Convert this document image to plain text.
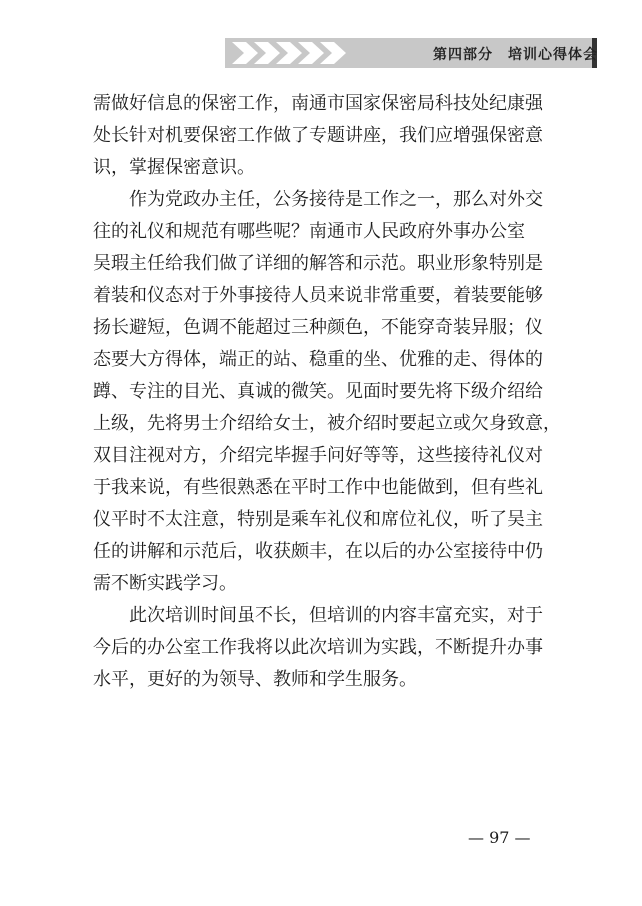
第四部分　培训心得体会

需做好信息的保密工作，南通市国家保密局科技处纪康强
处长针对机要保密工作做了专题讲座，我们应增强保密意
识，掌握保密意识。

作为党政办主任，公务接待是工作之一，那么对外交
往的礼仪和规范有哪些呢？南通市人民政府外事办公室
吴瑕主任给我们做了详细的解答和示范。职业形象特别是
着装和仪态对于外事接待人员来说非常重要，着装要能够
扬长避短，色调不能超过三种颜色，不能穿奇装异服；仪
态要大方得体，端正的站、稳重的坐、优雅的走、得体的
蹲、专注的目光、真诚的微笑。见面时要先将下级介绍给
上级，先将男士介绍给女士，被介绍时要起立或欠身致意，
双目注视对方，介绍完毕握手问好等等，这些接待礼仪对
于我来说，有些很熟悉在平时工作中也能做到，但有些礼
仪平时不太注意，特别是乘车礼仪和席位礼仪，听了吴主
任的讲解和示范后，收获颇丰，在以后的办公室接待中仍
需不断实践学习。

此次培训时间虽不长，但培训的内容丰富充实，对于
今后的办公室工作我将以此次培训为实践，不断提升办事
水平，更好的为领导、教师和学生服务。

— 97 —
